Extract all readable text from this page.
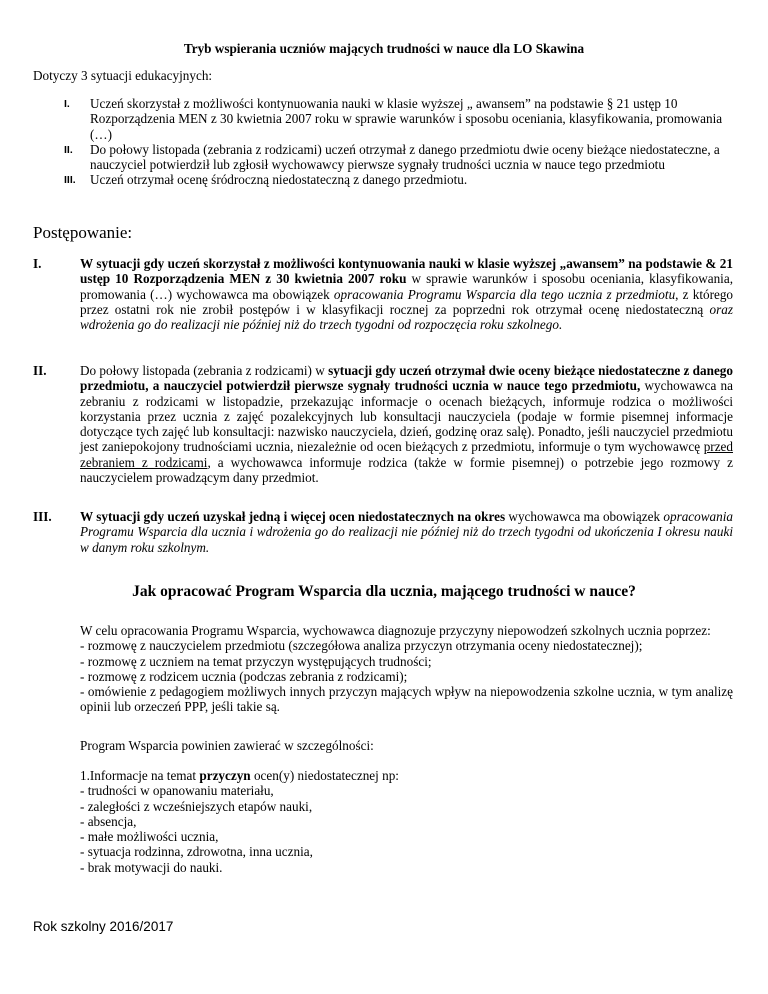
Tryb wspierania uczniów mających trudności w nauce dla LO Skawina
Dotyczy 3 sytuacji edukacyjnych:
I.	Uczeń skorzystał z możliwości kontynuowania nauki w klasie wyższej „ awansem” na podstawie § 21 ustęp 10 Rozporządzenia MEN z 30 kwietnia 2007 roku w sprawie warunków i sposobu oceniania, klasyfikowania, promowania (…)
II.	Do połowy listopada (zebrania z rodzicami) uczeń otrzymał z danego przedmiotu dwie oceny bieżące niedostateczne, a nauczyciel potwierdził lub zgłosił wychowawcy pierwsze sygnały trudności ucznia w nauce tego przedmiotu
III.	Uczeń otrzymał ocenę śródroczną niedostateczną z danego przedmiotu.
Postępowanie:
I.	W sytuacji gdy uczeń skorzystał z możliwości kontynuowania nauki w klasie wyższej „awansem” na podstawie & 21 ustęp 10 Rozporządzenia MEN z 30 kwietnia 2007 roku w sprawie warunków i sposobu oceniania, klasyfikowania, promowania (…) wychowawca ma obowiązek opracowania Programu Wsparcia dla tego ucznia z przedmiotu, z którego przez ostatni rok nie zrobił postępów i w klasyfikacji rocznej za poprzedni rok otrzymał ocenę niedostateczną oraz wdrożenia go do realizacji nie później niż do trzech tygodni od rozpoczęcia roku szkolnego.
II.	Do połowy listopada (zebrania z rodzicami) w sytuacji gdy uczeń otrzymał dwie oceny bieżące niedostateczne z danego przedmiotu, a nauczyciel potwierdził pierwsze sygnały trudności ucznia w nauce tego przedmiotu, wychowawca na zebraniu z rodzicami w listopadzie, przekazując informacje o ocenach bieżących, informuje rodzica o możliwości korzystania przez ucznia z zajęć pozalekcyjnych lub konsultacji nauczyciela (podaje w formie pisemnej informacje dotyczące tych zajęć lub konsultacji: nazwisko nauczyciela, dzień, godzinę oraz salę). Ponadto, jeśli nauczyciel przedmiotu jest zaniepokojony trudnościami ucznia, niezależnie od ocen bieżących z przedmiotu, informuje o tym wychowawcę przed zebraniem z rodzicami, a wychowawca informuje rodzica (także w formie pisemnej) o potrzebie jego rozmowy z nauczycielem prowadzącym dany przedmiot.
III. W sytuacji gdy uczeń uzyskał jedną i więcej ocen niedostatecznych na okres wychowawca ma obowiązek opracowania Programu Wsparcia dla ucznia i wdrożenia go do realizacji nie później niż do trzech tygodni od ukończenia I okresu nauki w danym roku szkolnym.
Jak opracować Program Wsparcia dla ucznia, mającego trudności w nauce?
W celu opracowania Programu Wsparcia, wychowawca diagnozuje przyczyny niepowodzeń szkolnych ucznia poprzez:
- rozmowę z nauczycielem przedmiotu (szczegółowa analiza przyczyn otrzymania oceny niedostatecznej);
- rozmowę z uczniem na temat przyczyn występujących trudności;
- rozmowę z rodzicem ucznia (podczas zebrania z rodzicami);
- omówienie z pedagogiem możliwych innych przyczyn mających wpływ na niepowodzenia szkolne ucznia, w tym analizę opinii lub orzeczeń PPP, jeśli takie są.
Program Wsparcia powinien zawierać w szczególności:
1.Informacje na temat przyczyn ocen(y) niedostatecznej np:
- trudności w opanowaniu materiału,
- zaległości z wcześniejszych etapów nauki,
- absencja,
- małe możliwości ucznia,
- sytuacja rodzinna, zdrowotna, inna ucznia,
- brak motywacji do nauki.
Rok szkolny 2016/2017
